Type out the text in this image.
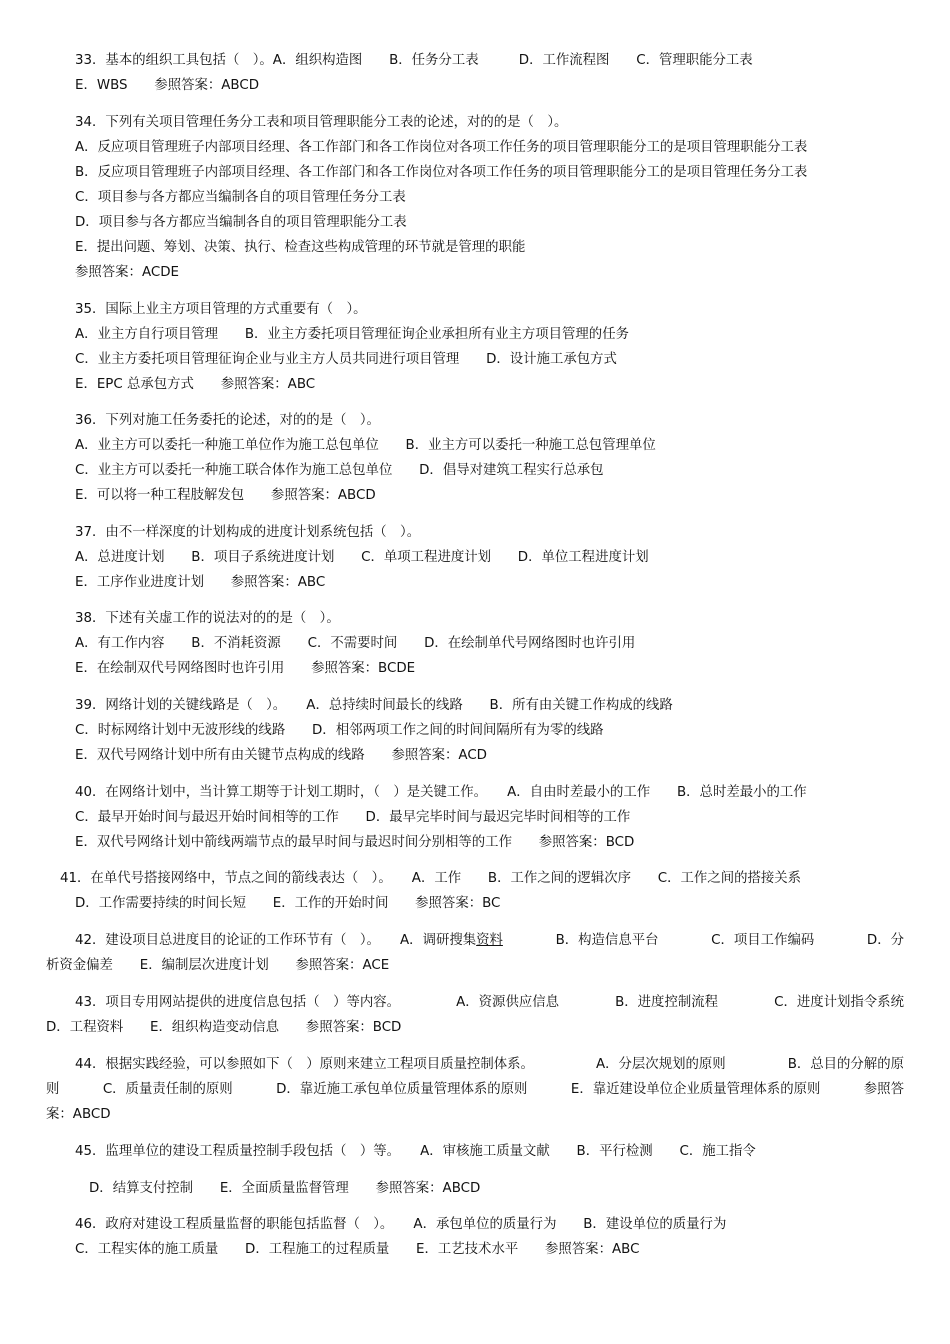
33．基本的组织工具包括（　）。A．组织构造图　　B．任务分工表　　　D．工作流程图　　C．管理职能分工表
E．WBS　　参照答案：ABCD
34．下列有关项目管理任务分工表和项目管理职能分工表的论述，对的的是（　）。
A．反应项目管理班子内部项目经理、各工作部门和各工作岗位对各项工作任务的项目管理职能分工的是项目管理职能分工表
B．反应项目管理班子内部项目经理、各工作部门和各工作岗位对各项工作任务的项目管理职能分工的是项目管理任务分工表
C．项目参与各方都应当编制各自的项目管理任务分工表
D．项目参与各方都应当编制各自的项目管理职能分工表
E．提出问题、筹划、决策、执行、检查这些构成管理的环节就是管理的职能
参照答案：ACDE
35．国际上业主方项目管理的方式重要有（　）。
A．业主方自行项目管理　　B．业主方委托项目管理征询企业承担所有业主方项目管理的任务
C．业主方委托项目管理征询企业与业主方人员共同进行项目管理　　D．设计施工承包方式
E．EPC 总承包方式　　参照答案：ABC
36．下列对施工任务委托的论述，对的的是（　）。
A．业主方可以委托一种施工单位作为施工总包单位　　B．业主方可以委托一种施工总包管理单位
C．业主方可以委托一种施工联合体作为施工总包单位　　D．倡导对建筑工程实行总承包
E．可以将一种工程肢解发包　　参照答案：ABCD
37．由不一样深度的计划构成的进度计划系统包括（　）。
A．总进度计划　　B．项目子系统进度计划　　C．单项工程进度计划　　D．单位工程进度计划
E．工序作业进度计划　　参照答案：ABC
38．下述有关虚工作的说法对的的是（　）。
A．有工作内容　　B．不消耗资源　　C．不需要时间　　D．在绘制单代号网络图时也许引用
E．在绘制双代号网络图时也许引用　　参照答案：BCDE
39．网络计划的关键线路是（　）。　　A．总持续时间最长的线路　　B．所有由关键工作构成的线路
C．时标网络计划中无波形线的线路　　D．相邻两项工作之间的时间间隔所有为零的线路
E．双代号网络计划中所有由关键节点构成的线路　　参照答案：ACD
40．在网络计划中，当计算工期等于计划工期时，（　）是关键工作。　　A．自由时差最小的工作　　B．总时差最小的工作
C．最早开始时间与最迟开始时间相等的工作　　D．最早完毕时间与最迟完毕时间相等的工作
E．双代号网络计划中箭线两端节点的最早时间与最迟时间分别相等的工作　　参照答案：BCD
41．在单代号搭接网络中，节点之间的箭线表达（　）。　　A．工作　　B．工作之间的逻辑次序　　C．工作之间的搭接关系
D．工作需要持续的时间长短　　E．工作的开始时间　　参照答案：BC
42．建设项目总进度目的论证的工作环节有（　）。　　A．调研搜集资料	B．构造信息平台	C．项目工作编码	D．分
析资金偏差　　E．编制层次进度计划　　参照答案：ACE
43．项目专用网站提供的进度信息包括（　）等内容。	A．资源供应信息	B．进度控制流程	C．进度计划指令系统
D．工程资料　　E．组织构造变动信息　　参照答案：BCD
44．根据实践经验，可以参照如下（　）原则来建立工程项目质量控制体系。	A．分层次规划的原则	B．总目的分解的原
则	C．质量责任制的原则	D．靠近施工承包单位质量管理体系的原则	E．靠近建设单位企业质量管理体系的原则	参照答
案：ABCD
45．监理单位的建设工程质量控制手段包括（　）等。　　A．审核施工质量文献　　B．平行检测　　C．施工指令
D．结算支付控制　　E．全面质量监督管理　　参照答案：ABCD
46．政府对建设工程质量监督的职能包括监督（　）。　　A．承包单位的质量行为　　B．建设单位的质量行为
C．工程实体的施工质量　　D．工程施工的过程质量　　E．工艺技术水平　　参照答案：ABC
